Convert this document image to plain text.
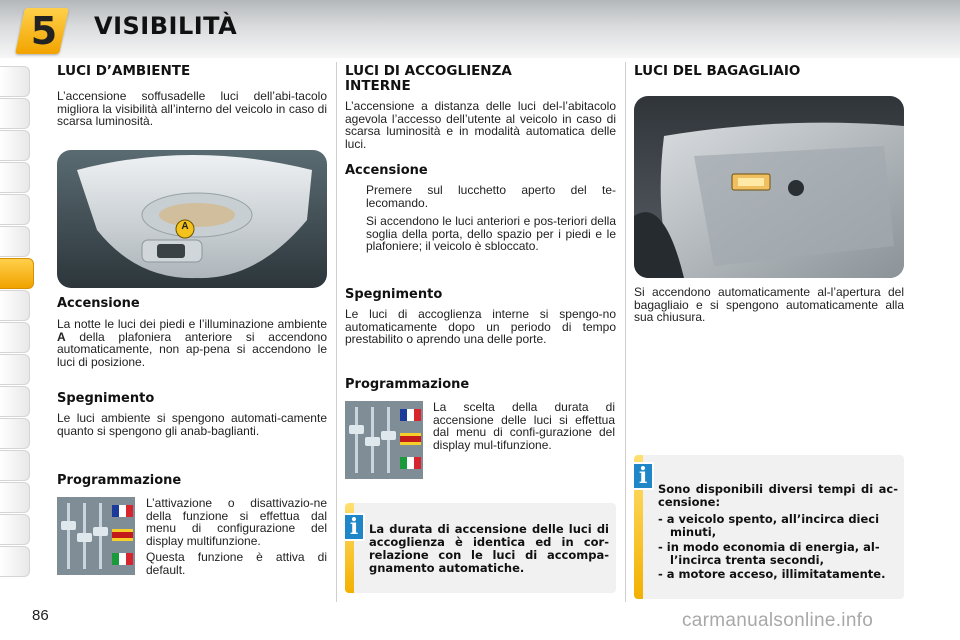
5 VISIBILITÀ
LUCI D’AMBIENTE

L’accensione soffusadelle luci dell’abi-tacolo migliora la visibilità all’interno del veicolo in caso di scarsa luminosità.

A
Accensione

La notte le luci dei piedi e l’illuminazione ambiente A della plafoniera anteriore si accendono automaticamente, non ap-pena si accendono le luci di posizione.

Spegnimento

Le luci ambiente si spengono automati-camente quanto si spengono gli anab-baglianti.

Programmazione

L’attivazione o disattivazio-ne della funzione si effettua dal menu di configurazione del display multifunzione.

Questa funzione è attiva di default.

LUCI DI ACCOGLIENZA INTERNE

L’accensione a distanza delle luci del-l’abitacolo agevola l’accesso dell’utente al veicolo in caso di scarsa luminosità e in modalità automatica delle luci.

Accensione

Premere sul lucchetto aperto del te-lecomando.

Si accendono le luci anteriori e pos-teriori della soglia della porta, dello spazio per i piedi e le plafoniere; il veicolo è sbloccato.

Spegnimento

Le luci di accoglienza interne si spengo-no automaticamente dopo un periodo di tempo prestabilito o aprendo una delle porte.

Programmazione

La scelta della durata di accensione delle luci si effettua dal menu di confi-gurazione del display mul-tifunzione.

i La durata di accensione delle luci di accoglienza è identica ed in cor-relazione con le luci di accompa-gnamento automatiche.
LUCI DEL BAGAGLIAIO

Si accendono automaticamente al-l’apertura del bagagliaio e si spengono automaticamente alla sua chiusura.

i Sono disponibili diversi tempi di ac-censione:
- a veicolo spento, all’incirca dieci minuti,
- in modo economia di energia, al-l’incirca trenta secondi,
- a motore acceso, illimitatamente.
86	carmanualsonline.info
